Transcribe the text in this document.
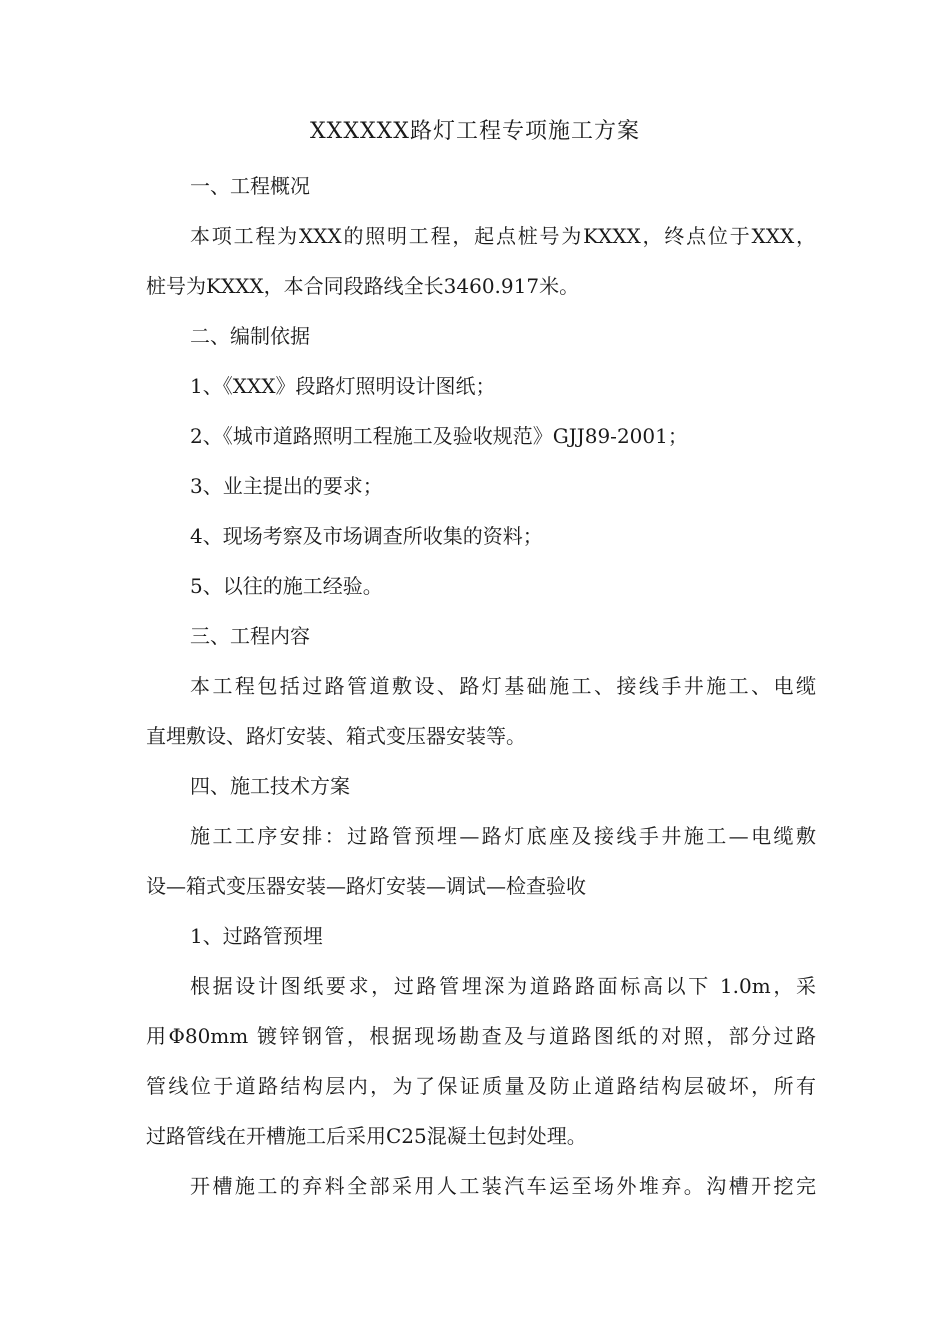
XXXXXX路灯工程专项施工方案
一、工程概况
本项工程为XXX的照明工程，起点桩号为KXXX，终点位于XXX，
桩号为KXXX，本合同段路线全长3460.917米。
二、编制依据
1、《XXX》段路灯照明设计图纸；
2、《城市道路照明工程施工及验收规范》GJJ89-2001；
3、业主提出的要求；
4、现场考察及市场调查所收集的资料；
5、以往的施工经验。
三、工程内容
本工程包括过路管道敷设、路灯基础施工、接线手井施工、电缆
直埋敷设、路灯安装、箱式变压器安装等。
四、施工技术方案
施工工序安排：过路管预埋—路灯底座及接线手井施工—电缆敷
设—箱式变压器安装—路灯安装—调试—检查验收
1、过路管预埋
根据设计图纸要求，过路管埋深为道路路面标高以下 1.0m，采
用Φ80mm 镀锌钢管，根据现场勘查及与道路图纸的对照，部分过路
管线位于道路结构层内，为了保证质量及防止道路结构层破坏，所有
过路管线在开槽施工后采用C25混凝土包封处理。
开槽施工的弃料全部采用人工装汽车运至场外堆弃。沟槽开挖完
